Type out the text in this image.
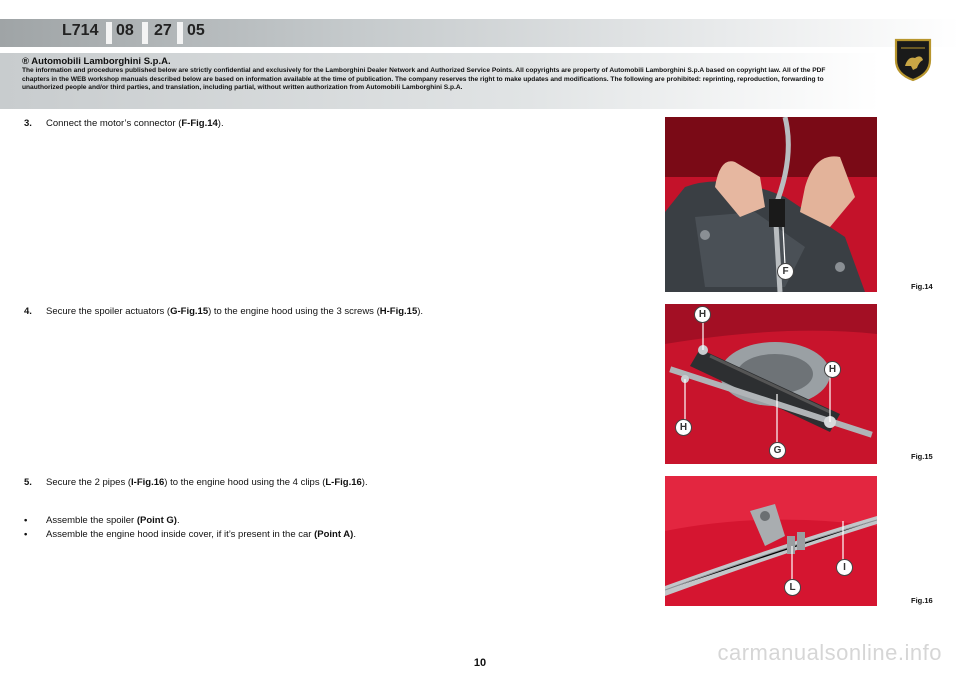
L714 08 27 05
® Automobili Lamborghini S.p.A.
The information and procedures published below are strictly confidential and exclusively for the Lamborghini Dealer Network and Authorized Service Points. All copyrights are property of Automobili Lamborghini S.p.A based on copyright law. All of the PDF chapters in the WEB workshop manuals described below are based on information available at the time of publication. The company reserves the right to make updates and modifications. The following are prohibited: reprinting, reproduction, forwarding to unauthorized people and/or third parties, and translation, including partial, without written authorization from Automobili Lamborghini S.p.A.
3. Connect the motor’s connector (F-Fig.14).
4. Secure the spoiler actuators (G-Fig.15) to the engine hood using the 3 screws (H-Fig.15).
5. Secure the 2 pipes (I-Fig.16) to the engine hood using the 4 clips (L-Fig.16).
• Assemble the spoiler (Point G).
• Assemble the engine hood inside cover, if it’s present in the car (Point A).
F
Fig.14
H
H
H
G
Fig.15
I
L
Fig.16
10	carmanualsonline.info
